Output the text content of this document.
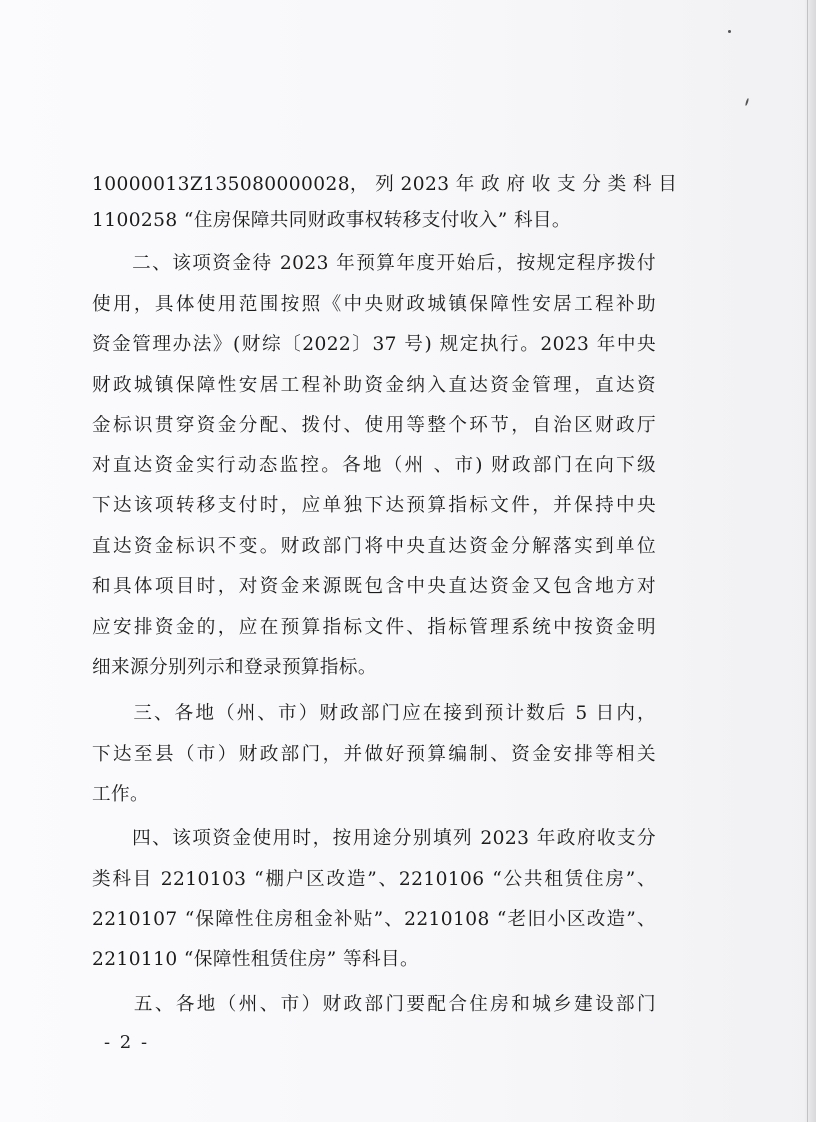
10000013Z135080000028， 列 2023 年 政 府 收 支 分 类 科 目
1100258 “住房保障共同财政事权转移支付收入” 科目。
　　二、该项资金待 2023 年预算年度开始后，按规定程序拨付
使用，具体使用范围按照《中央财政城镇保障性安居工程补助
资金管理办法》(财综〔2022〕37 号) 规定执行。2023 年中央
财政城镇保障性安居工程补助资金纳入直达资金管理，直达资
金标识贯穿资金分配、拨付、使用等整个环节，自治区财政厅
对直达资金实行动态监控。各地（州 、市) 财政部门在向下级
下达该项转移支付时，应单独下达预算指标文件，并保持中央
直达资金标识不变。财政部门将中央直达资金分解落实到单位
和具体项目时，对资金来源既包含中央直达资金又包含地方对
应安排资金的，应在预算指标文件、指标管理系统中按资金明
细来源分别列示和登录预算指标。
　　三、各地（州、市）财政部门应在接到预计数后 5 日内，
下达至县（市）财政部门，并做好预算编制、资金安排等相关
工作。
　　四、该项资金使用时，按用途分别填列 2023 年政府收支分
类科目 2210103 “棚户区改造”、2210106 “公共租赁住房”、
2210107 “保障性住房租金补贴”、2210108 “老旧小区改造”、
2210110 “保障性租赁住房” 等科目。
　　五、各地（州、市）财政部门要配合住房和城乡建设部门
- 2 -
